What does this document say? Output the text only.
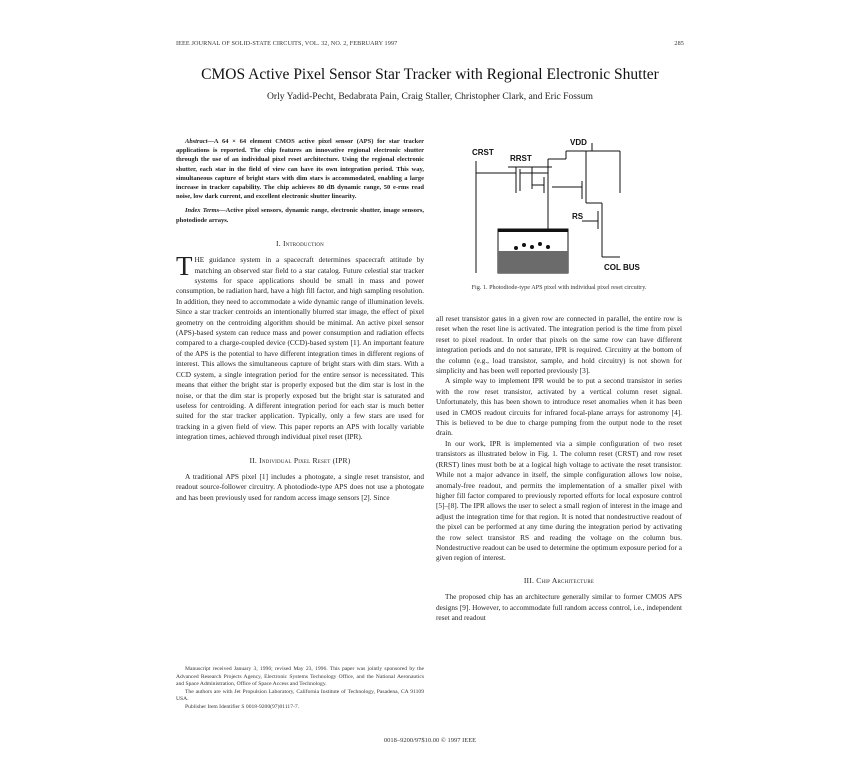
IEEE JOURNAL OF SOLID-STATE CIRCUITS, VOL. 32, NO. 2, FEBRUARY 1997	285
CMOS Active Pixel Sensor Star Tracker with Regional Electronic Shutter
Orly Yadid-Pecht, Bedabrata Pain, Craig Staller, Christopher Clark, and Eric Fossum

Abstract—A 64 × 64 element CMOS active pixel sensor (APS) for star tracker applications is reported. The chip features an innovative regional electronic shutter through the use of an individual pixel reset architecture. Using the regional electronic shutter, each star in the field of view can have its own integration period. This way, simultaneous capture of bright stars with dim stars is accommodated, enabling a large increase in tracker capability. The chip achieves 80 dB dynamic range, 50 e-rms read noise, low dark current, and excellent electronic shutter linearity.

Index Terms—Active pixel sensors, dynamic range, electronic shutter, image sensors, photodiode arrays.

I. Introduction

THE guidance system in a spacecraft determines spacecraft attitude by matching an observed star field to a star catalog. Future celestial star tracker systems for space applications should be small in mass and power consumption, be radiation hard, have a high fill factor, and high sampling resolution. In addition, they need to accommodate a wide dynamic range of illumination levels. Since a star tracker centroids an intentionally blurred star image, the effect of pixel geometry on the centroiding algorithm should be minimal. An active pixel sensor (APS)-based system can reduce mass and power consumption and radiation effects compared to a charge-coupled device (CCD)-based system [1]. An important feature of the APS is the potential to have different integration times in different regions of interest. This allows the simultaneous capture of bright stars with dim stars. With a CCD system, a single integration period for the entire sensor is necessitated. This means that either the bright star is properly exposed but the dim star is lost in the noise, or that the dim star is properly exposed but the bright star is saturated and useless for centroiding. A different integration period for each star is much better suited for the star tracker application. Typically, only a few stars are used for tracking in a given field of view. This paper reports an APS with locally variable integration times, achieved through individual pixel reset (IPR).

II. Individual Pixel Reset (IPR)

A traditional APS pixel [1] includes a photogate, a single reset transistor, and readout source-follower circuitry. A photodiode-type APS does not use a photogate and has been previously used for random access image sensors [2]. Since

Manuscript received January 3, 1996; revised May 23, 1996. This paper was jointly sponsored by the Advanced Research Projects Agency, Electronic Systems Technology Office, and the National Aeronautics and Space Administration, Office of Space Access and Technology.

The authors are with Jet Propulsion Laboratory, California Institute of Technology, Pasadena, CA 91109 USA.

Publisher Item Identifier S 0018-9200(97)01117-7.

CRST
RRST
VDD
RS
COL BUS
Fig. 1. Photodiode-type APS pixel with individual pixel reset circuitry.

all reset transistor gates in a given row are connected in parallel, the entire row is reset when the reset line is activated. The integration period is the time from pixel reset to pixel readout. In order that pixels on the same row can have different integration periods and do not saturate, IPR is required. Circuitry at the bottom of the column (e.g., load transistor, sample, and hold circuitry) is not shown for simplicity and has been well reported previously [3].

A simple way to implement IPR would be to put a second transistor in series with the row reset transistor, activated by a vertical column reset signal. Unfortunately, this has been shown to introduce reset anomalies when it has been used in CMOS readout circuits for infrared focal-plane arrays for astronomy [4]. This is believed to be due to charge pumping from the output node to the reset drain.

In our work, IPR is implemented via a simple configuration of two reset transistors as illustrated below in Fig. 1. The column reset (CRST) and row reset (RRST) lines must both be at a logical high voltage to activate the reset transistor. While not a major advance in itself, the simple configuration allows low noise, anomaly-free readout, and permits the implementation of a smaller pixel with higher fill factor compared to previously reported efforts for local exposure control [5]–[8]. The IPR allows the user to select a small region of interest in the image and adjust the integration time for that region. It is noted that nondestructive readout of the pixel can be performed at any time during the integration period by activating the row select transistor RS and reading the voltage on the column bus. Nondestructive readout can be used to determine the optimum exposure period for a given region of interest.

III. Chip Architecture

The proposed chip has an architecture generally similar to former CMOS APS designs [9]. However, to accommodate full random access control, i.e., independent reset and readout

0018–9200/97$10.00 © 1997 IEEE
